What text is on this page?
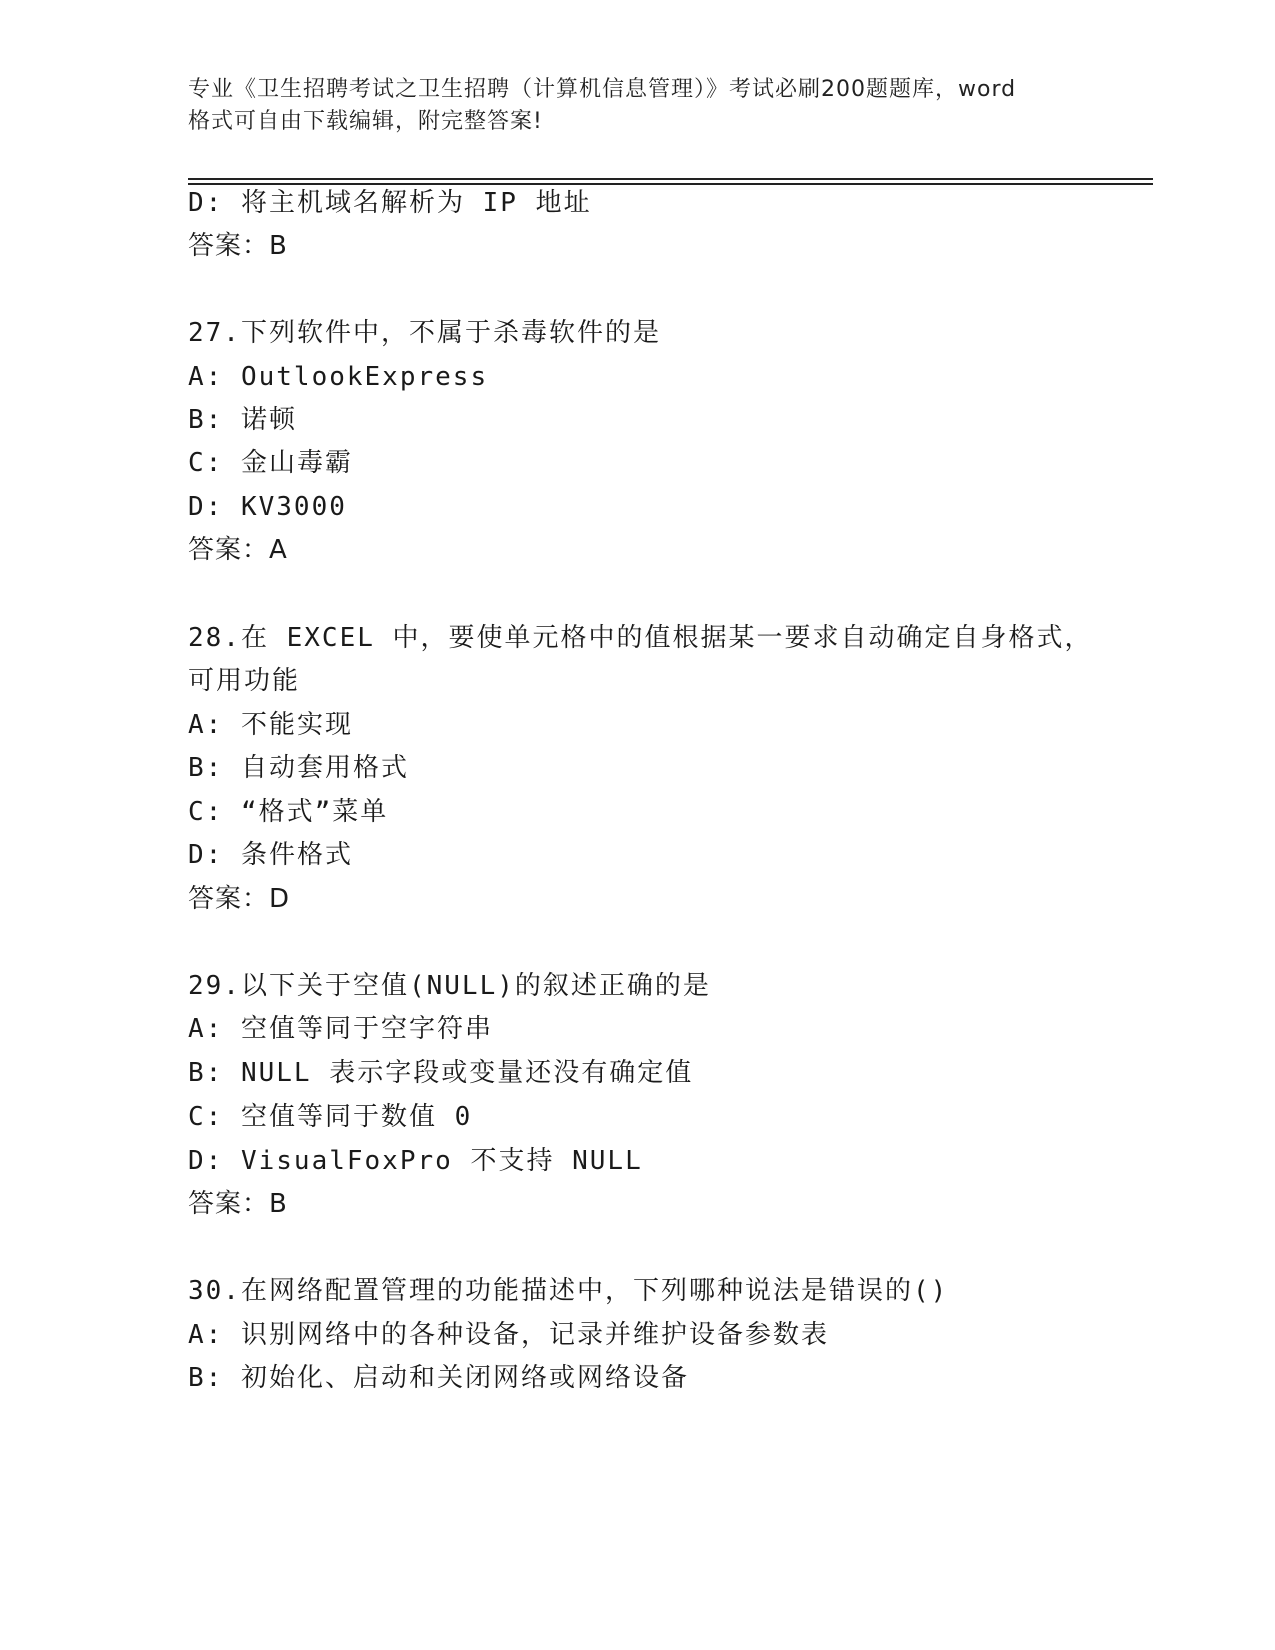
专业《卫生招聘考试之卫生招聘（计算机信息管理）》考试必刷200题题库，word
格式可自由下载编辑，附完整答案!
D: 将主机域名解析为 IP 地址
答案：B
27.下列软件中，不属于杀毒软件的是
A: OutlookExpress
B: 诺顿
C: 金山毒霸
D: KV3000
答案：A
28.在 EXCEL 中，要使单元格中的值根据某一要求自动确定自身格式，
可用功能
A: 不能实现
B: 自动套用格式
C: “格式”菜单
D: 条件格式
答案：D
29.以下关于空值(NULL)的叙述正确的是
A: 空值等同于空字符串
B: NULL 表示字段或变量还没有确定值
C: 空值等同于数值 0
D: VisualFoxPro 不支持 NULL
答案：B
30.在网络配置管理的功能描述中，下列哪种说法是错误的()
A: 识别网络中的各种设备，记录并维护设备参数表
B: 初始化、启动和关闭网络或网络设备
